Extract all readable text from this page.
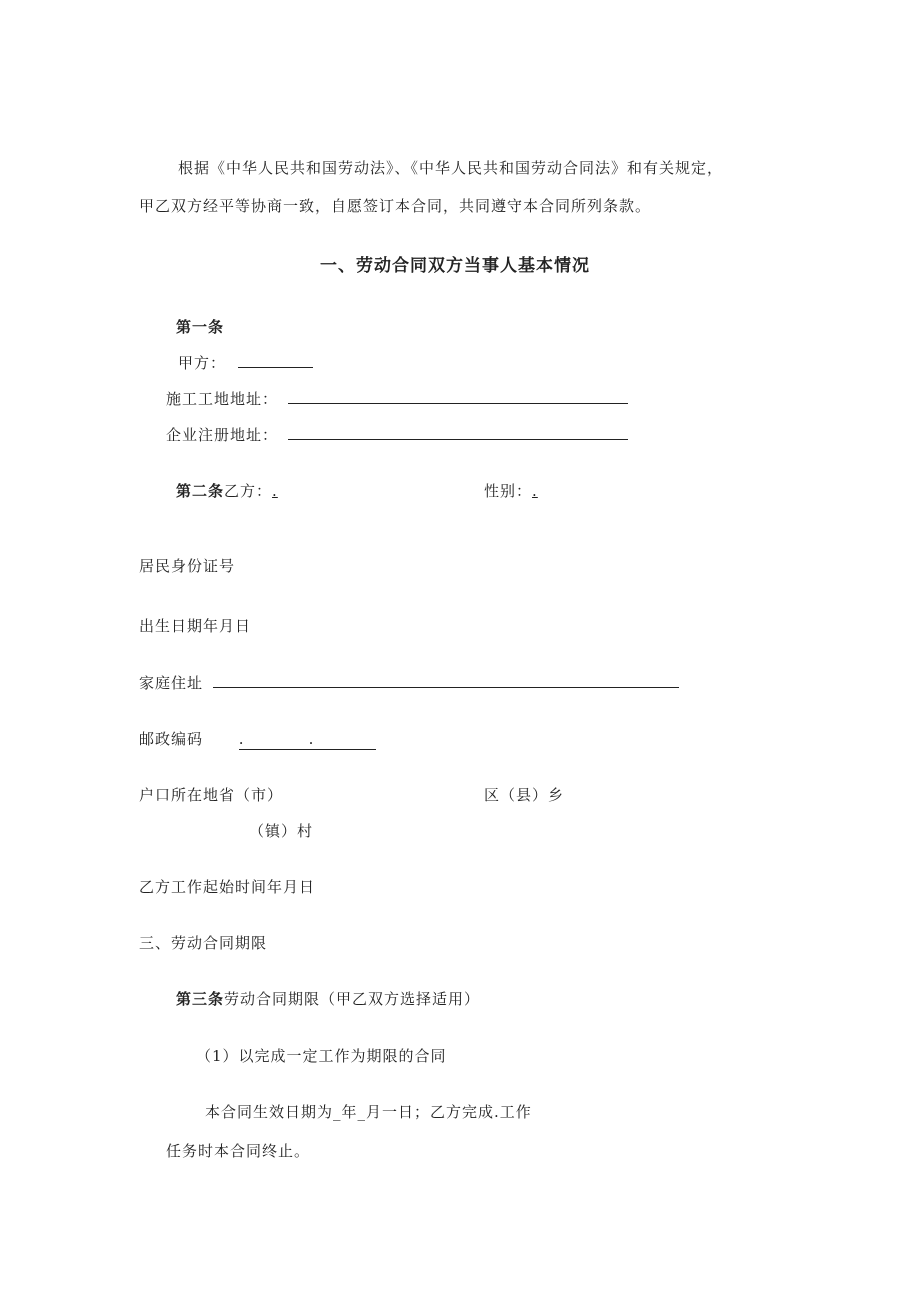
根据《中华人民共和国劳动法》、《中华人民共和国劳动合同法》和有关规定，
甲乙双方经平等协商一致，自愿签订本合同，共同遵守本合同所列条款。
一、劳动合同双方当事人基本情况
第一条
甲方：
施工工地地址：
企业注册地址：
第二条乙方：.	性别：.
居民身份证号
出生日期年月日
家庭住址
邮政编码 .	.
户口所在地省（市）	区（县）乡
（镇）村
乙方工作起始时间年月日
三、劳动合同期限
第三条劳动合同期限（甲乙双方选择适用）
（1）以完成一定工作为期限的合同
本合同生效日期为_年_月一日；乙方完成.工作
任务时本合同终止。
